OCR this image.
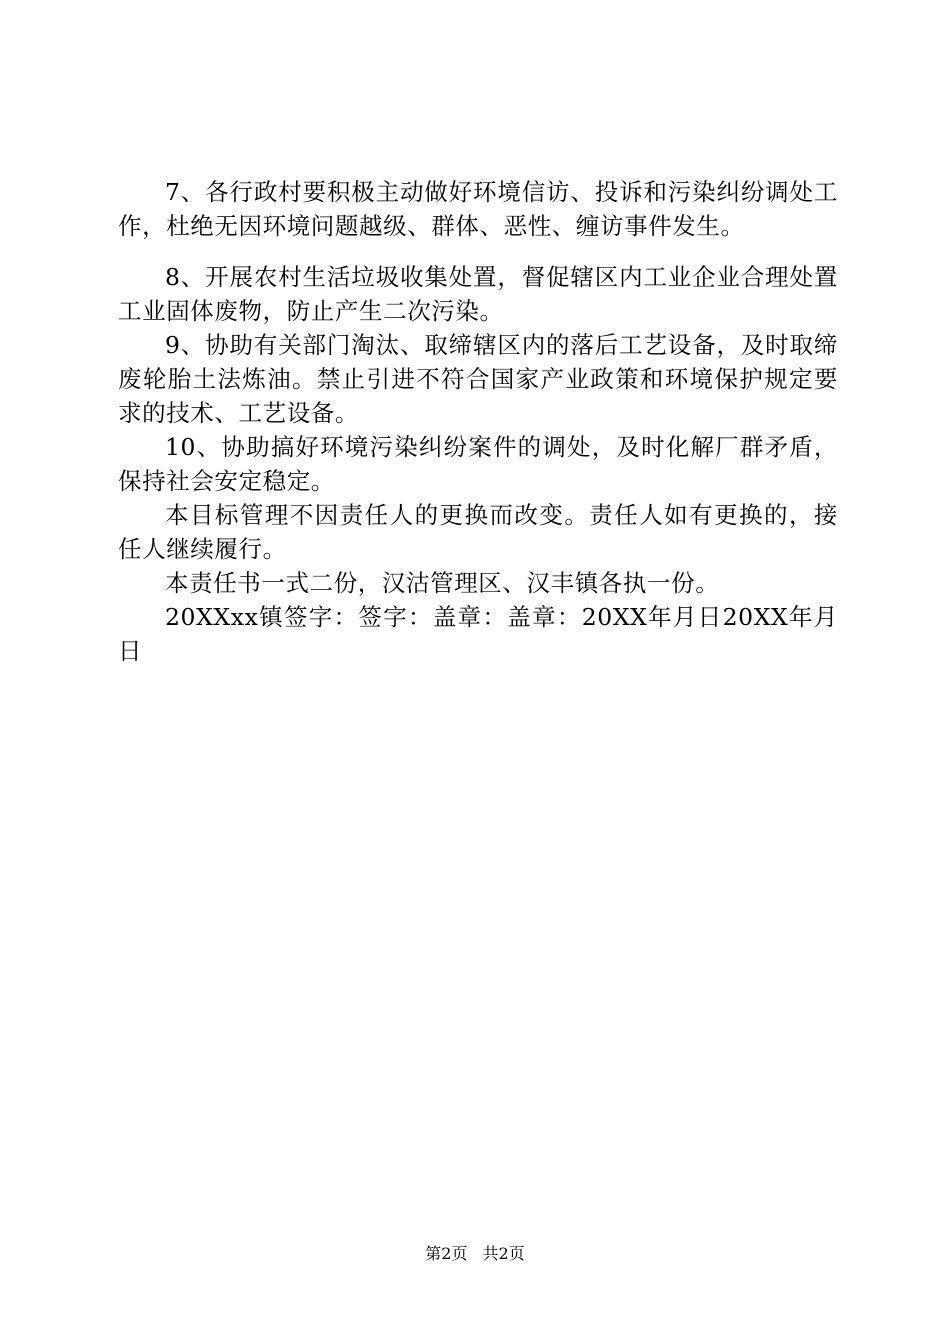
7、各行政村要积极主动做好环境信访、投诉和污染纠纷调处工作，杜绝无因环境问题越级、群体、恶性、缠访事件发生。

8、开展农村生活垃圾收集处置，督促辖区内工业企业合理处置工业固体废物，防止产生二次污染。

9、协助有关部门淘汰、取缔辖区内的落后工艺设备，及时取缔废轮胎土法炼油。禁止引进不符合国家产业政策和环境保护规定要求的技术、工艺设备。

10、协助搞好环境污染纠纷案件的调处，及时化解厂群矛盾，保持社会安定稳定。

本目标管理不因责任人的更换而改变。责任人如有更换的，接任人继续履行。

本责任书一式二份，汉沽管理区、汉丰镇各执一份。

20XXxx镇签字：签字：盖章：盖章：20XX年月日20XX年月日

第2页 共2页
